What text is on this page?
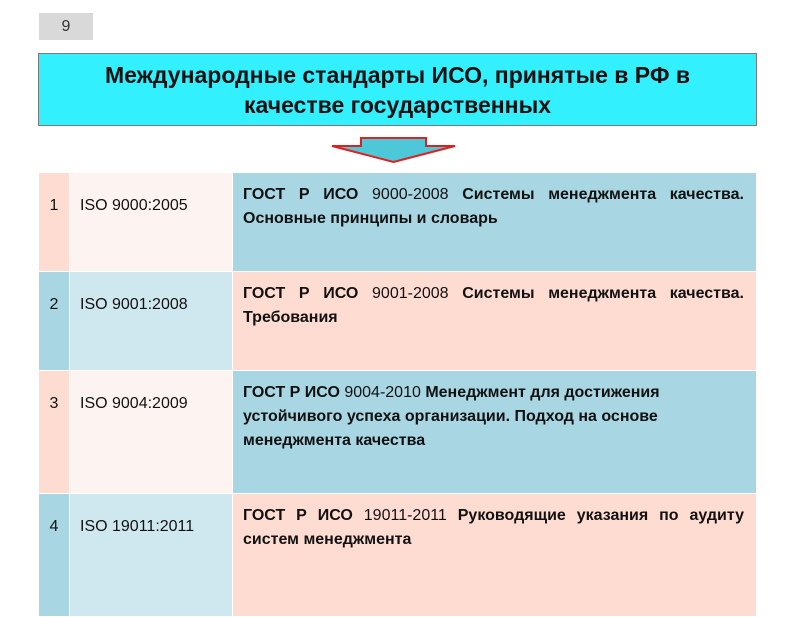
9
Международные стандарты ИСО, принятые в РФ в качестве государственных
1	ISO 9000:2005	ГОСТ Р ИСО 9000-2008 Системы менеджмента качества. Основные принципы и словарь
2	ISO 9001:2008	ГОСТ Р ИСО 9001-2008 Системы менеджмента качества. Требования
3	ISO 9004:2009	ГОСТ Р ИСО 9004-2010 Менеджмент для достижения устойчивого успеха организации. Подход на основе менеджмента качества
4	ISO 19011:2011	ГОСТ Р ИСО 19011-2011 Руководящие указания по аудиту систем менеджмента
